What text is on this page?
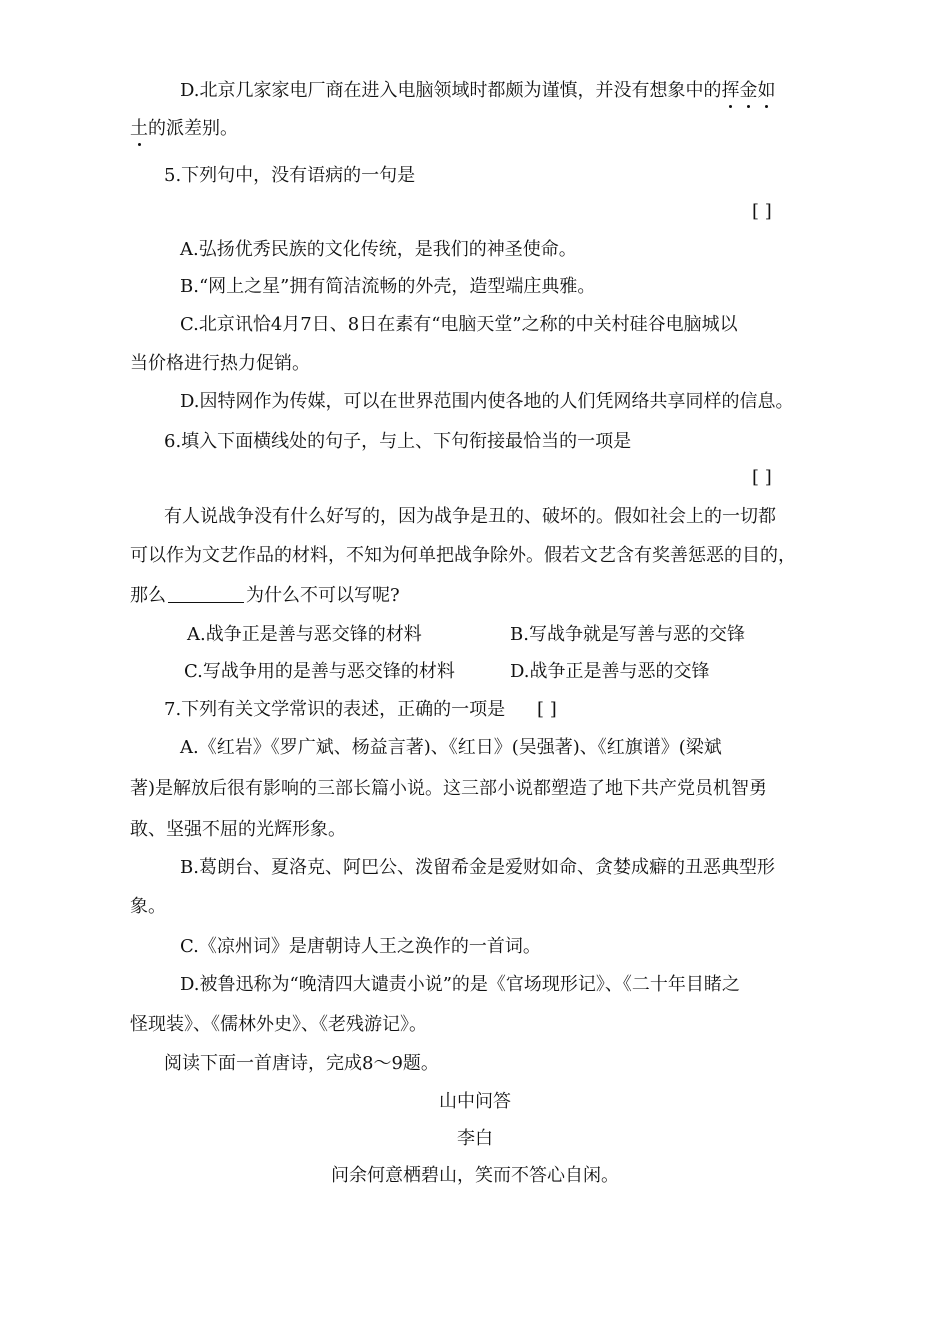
D.北京几家家电厂商在进入电脑领域时都颇为谨慎，并没有想象中的挥金如
土的派差别。
5.下列句中，没有语病的一句是
[ ]
A.弘扬优秀民族的文化传统，是我们的神圣使命。
B.“网上之星”拥有简洁流畅的外壳，造型端庄典雅。
C.北京讯恰4月7日、8日在素有“电脑天堂”之称的中关村硅谷电脑城以
当价格进行热力促销。
D.因特网作为传媒，可以在世界范围内使各地的人们凭网络共享同样的信息。
6.填入下面横线处的句子，与上、下句衔接最恰当的一项是
[ ]
有人说战争没有什么好写的，因为战争是丑的、破坏的。假如社会上的一切都
可以作为文艺作品的材料，不知为何单把战争除外。假若文艺含有奖善惩恶的目的，
那么	为什么不可以写呢?
A.战争正是善与恶交锋的材料	B.写战争就是写善与恶的交锋
C.写战争用的是善与恶交锋的材料	D.战争正是善与恶的交锋
7.下列有关文学常识的表述，正确的一项是 [ ]
A.《红岩》《罗广斌、杨益言著)、《红日》(吴强著)、《红旗谱》(梁斌
著)是解放后很有影响的三部长篇小说。这三部小说都塑造了地下共产党员机智勇
敢、坚强不屈的光辉形象。
B.葛朗台、夏洛克、阿巴公、泼留希金是爱财如命、贪婪成癖的丑恶典型形
象。
C.《凉州词》是唐朝诗人王之涣作的一首词。
D.被鲁迅称为“晚清四大谴责小说”的是《官场现形记》、《二十年目睹之
怪现装》、《儒林外史》、《老残游记》。
阅读下面一首唐诗，完成8～9题。
山中问答
李白
问余何意栖碧山，笑而不答心自闲。
